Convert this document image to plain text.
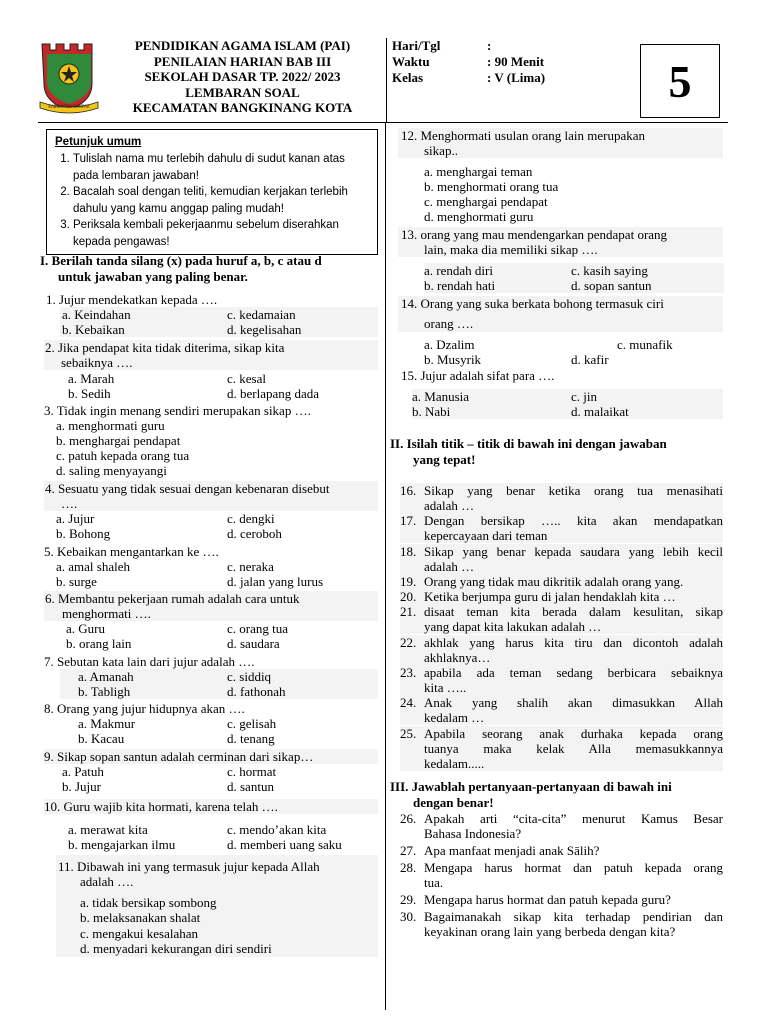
KABUPATEN KAMPAR
PENDIDIKAN AGAMA ISLAM (PAI)
PENILAIAN HARIAN BAB III
SEKOLAH DASAR TP. 2022/ 2023
LEMBARAN SOAL
KECAMATAN BANGKINANG KOTA
Hari/Tgl	:
Waktu	: 90 Menit
Kelas	: V (Lima)	5
Petunjuk umum
1. Tulislah nama mu terlebih dahulu di sudut kanan atas pada lembaran jawaban!
2. Bacalah soal dengan teliti, kemudian kerjakan terlebih dahulu yang kamu anggap paling mudah!
3. Periksala kembali pekerjaanmu sebelum diserahkan kepada pengawas!
I. Berilah tanda silang (x) pada huruf a, b, c atau d
untuk jawaban yang paling benar.
1. Jujur mendekatkan kepada ….
a. Keindahan	c. kedamaian
b. Kebaikan	d. kegelisahan
2. Jika pendapat kita tidak diterima, sikap kita
sebaiknya ….
a. Marah	c. kesal
b. Sedih	d. berlapang dada
3. Tidak ingin menang sendiri merupakan sikap ….
a. menghormati guru
b. menghargai pendapat
c. patuh kepada orang tua
d. saling menyayangi
4. Sesuatu yang tidak sesuai dengan kebenaran disebut
….
a. Jujur	c. dengki
b. Bohong	d. ceroboh
5. Kebaikan mengantarkan ke ….
a. amal shaleh	c. neraka
b. surge	d. jalan yang lurus
6. Membantu pekerjaan rumah adalah cara untuk
menghormati ….
a. Guru	c. orang tua
b. orang lain	d. saudara
7. Sebutan kata lain dari jujur adalah ….
a. Amanah	c. siddiq
b. Tabligh	d. fathonah
8. Orang yang jujur hidupnya akan ….
a. Makmur	c. gelisah
b. Kacau	d. tenang
9. Sikap sopan santun adalah cerminan dari sikap…
a. Patuh	c. hormat
b. Jujur	d. santun
10. Guru wajib kita hormati, karena telah ….
a. merawat kita	c. mendo’akan kita
b. mengajarkan ilmu	d. memberi uang saku
11. Dibawah ini yang termasuk jujur kepada Allah
adalah ….
a. tidak bersikap sombong
b. melaksanakan shalat
c. mengakui kesalahan
d. menyadari kekurangan diri sendiri
12. Menghormati usulan orang lain merupakan
sikap..
a. menghargai teman
b. menghormati orang tua
c. menghargai pendapat
d. menghormati guru
13. orang yang mau mendengarkan pendapat orang
lain, maka dia memiliki sikap ….
a. rendah diri	c. kasih saying
b. rendah hati	d. sopan santun
14. Orang yang suka berkata bohong termasuk ciri
orang ….
a. Dzalim	c. munafik
b. Musyrik	d. kafir
15. Jujur adalah sifat para ….
a. Manusia	c. jin
b. Nabi	d. malaikat
II. Isilah titik – titik di bawah ini dengan jawaban
yang tepat!
16. Sikap yang benar ketika orang tua menasihati
adalah …
17. Dengan bersikap ….. kita akan mendapatkan
kepercayaan dari teman
18. Sikap yang benar kepada saudara yang lebih kecil
adalah …
19. Orang yang tidak mau dikritik adalah orang yang.
20. Ketika berjumpa guru di jalan hendaklah kita …
21. disaat teman kita berada dalam kesulitan, sikap
yang dapat kita lakukan adalah …
22. akhlak yang harus kita tiru dan dicontoh adalah
akhlaknya…
23. apabila ada teman sedang berbicara sebaiknya
kita …..
24. Anak yang shalih akan dimasukkan Allah
kedalam …
25. Apabila seorang anak durhaka kepada orang
tuanya maka kelak Alla memasukkannya
kedalam.....
III. Jawablah pertanyaan-pertanyaan di bawah ini
dengan benar!
26. Apakah arti “cita-cita” menurut Kamus Besar
Bahasa Indonesia?
27. Apa manfaat menjadi anak Sālih?
28. Mengapa harus hormat dan patuh kepada orang
tua.
29. Mengapa harus hormat dan patuh kepada guru?
30. Bagaimanakah sikap kita terhadap pendirian dan
keyakinan orang lain yang berbeda dengan kita?
